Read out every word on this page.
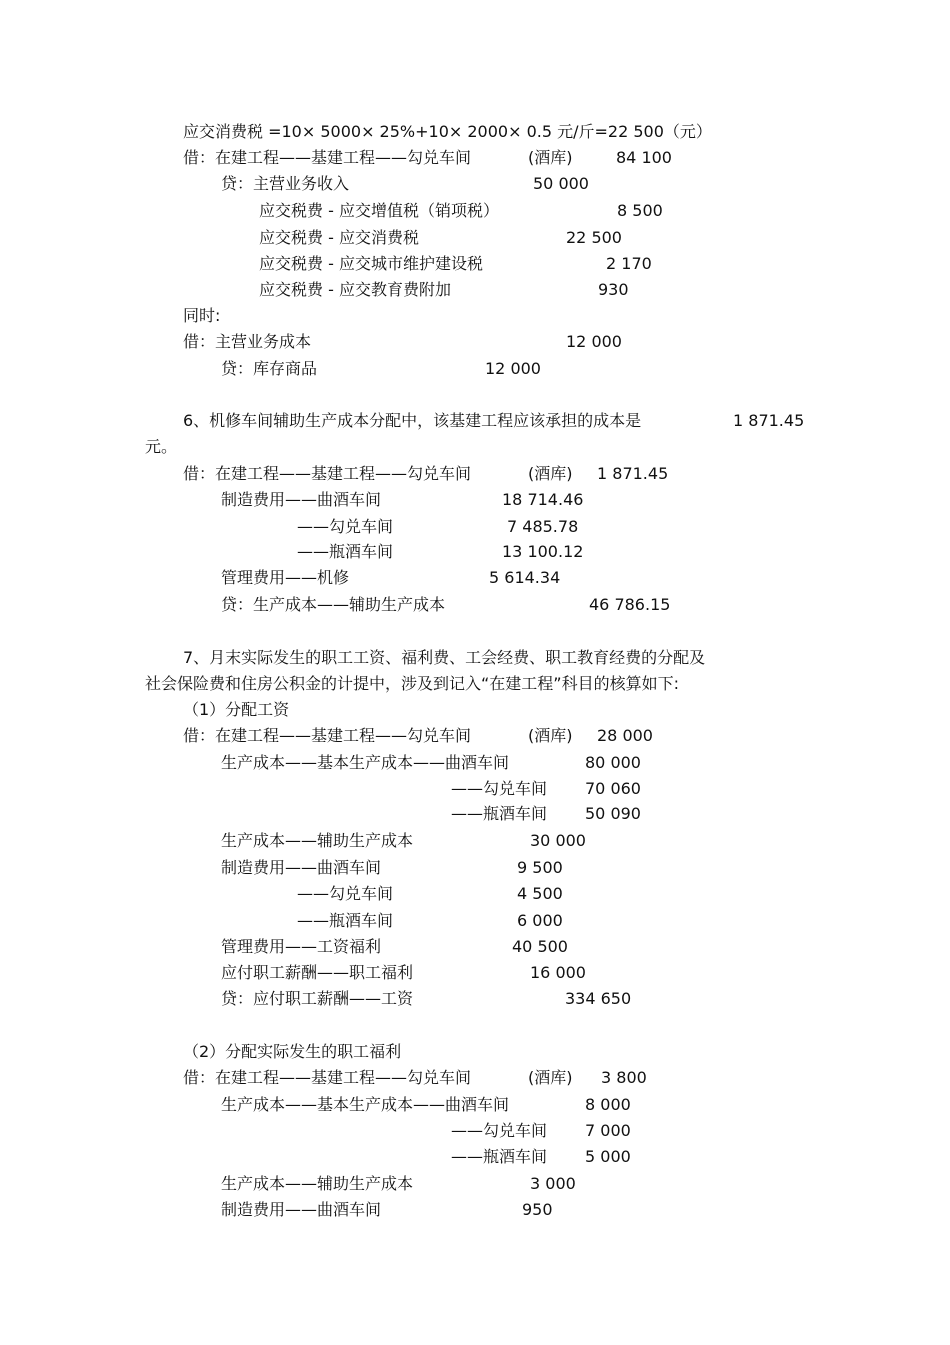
应交消费税 =10× 5000× 25%+10× 2000× 0.5 元/斤=22 500（元）
借：在建工程——基建工程——勾兑车间	(酒库)	84 100
贷：主营业务收入	50 000
应交税费 - 应交增值税（销项税）	8 500
应交税费 - 应交消费税	22 500
应交税费 - 应交城市维护建设税	2 170
应交税费 - 应交教育费附加	930
同时:
借：主营业务成本	12 000
贷：库存商品	12 000
6、机修车间辅助生产成本分配中，该基建工程应该承担的成本是	1 871.45
元。
借：在建工程——基建工程——勾兑车间	(酒库) 1 871.45
制造费用——曲酒车间	18 714.46
——勾兑车间	7 485.78
——瓶酒车间	13 100.12
管理费用——机修	5 614.34
贷：生产成本——辅助生产成本	46 786.15
7、月末实际发生的职工工资、福利费、工会经费、职工教育经费的分配及
社会保险费和住房公积金的计提中，涉及到记入“在建工程”科目的核算如下:
（1）分配工资
借：在建工程——基建工程——勾兑车间	(酒库) 28 000
生产成本——基本生产成本——曲酒车间	80 000
——勾兑车间 70 060
——瓶酒车间 50 090
生产成本——辅助生产成本	30 000
制造费用——曲酒车间	9 500
——勾兑车间	4 500
——瓶酒车间	6 000
管理费用——工资福利	40 500
应付职工薪酬——职工福利	16 000
贷：应付职工薪酬——工资	334 650
（2）分配实际发生的职工福利
借：在建工程——基建工程——勾兑车间	(酒库) 3 800
生产成本——基本生产成本——曲酒车间	8 000
——勾兑车间 7 000
——瓶酒车间 5 000
生产成本——辅助生产成本	3 000
制造费用——曲酒车间	950
